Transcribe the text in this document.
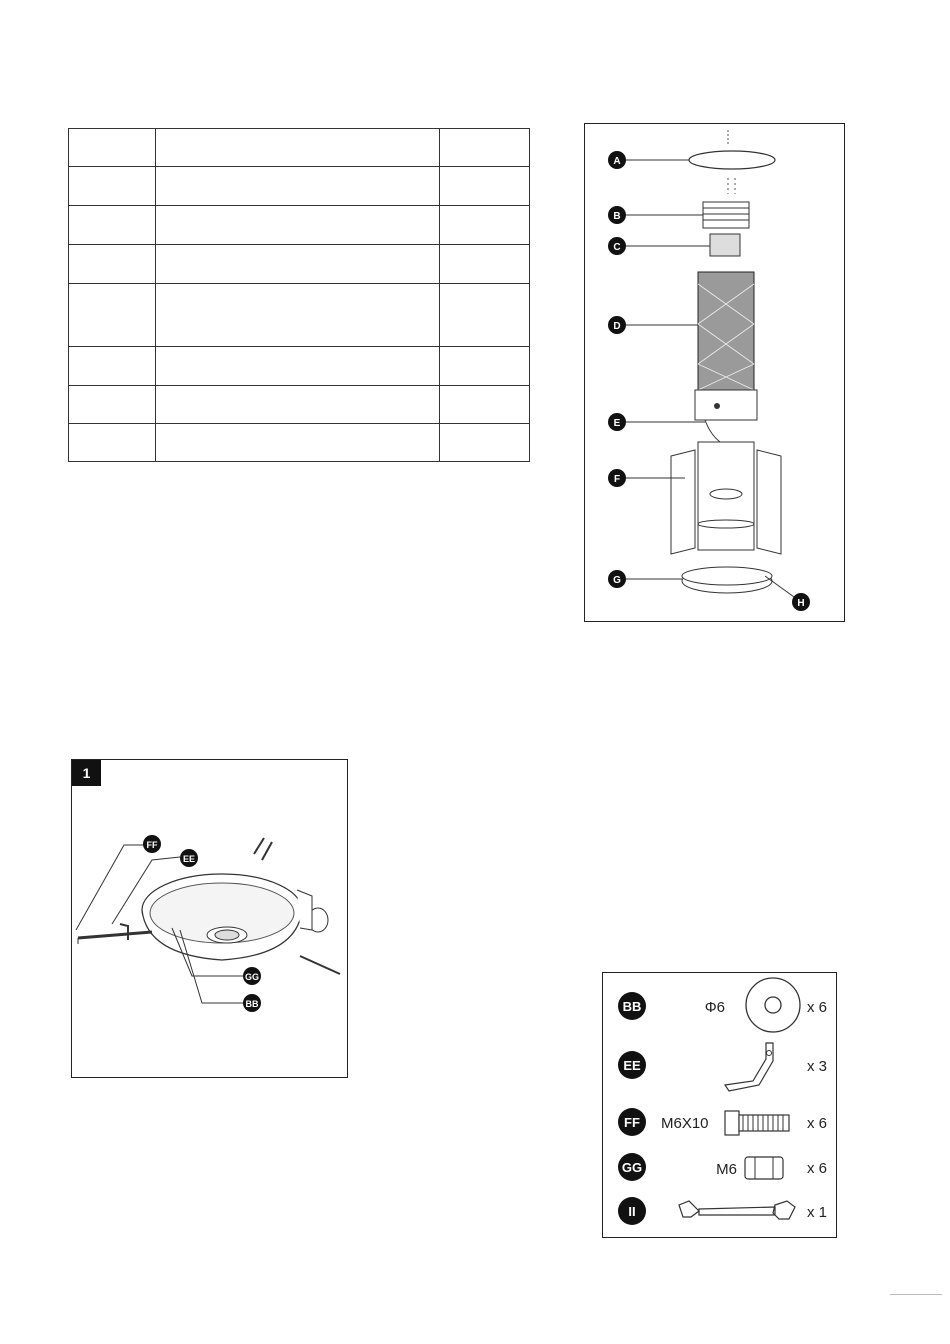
A
B
C
D
E
F
G
H
1
FF
EE
GG
BB	BB	Φ6	x 6
EE	x 3
FF M6X10	x 6
GG	M6	x 6
II	x 1
